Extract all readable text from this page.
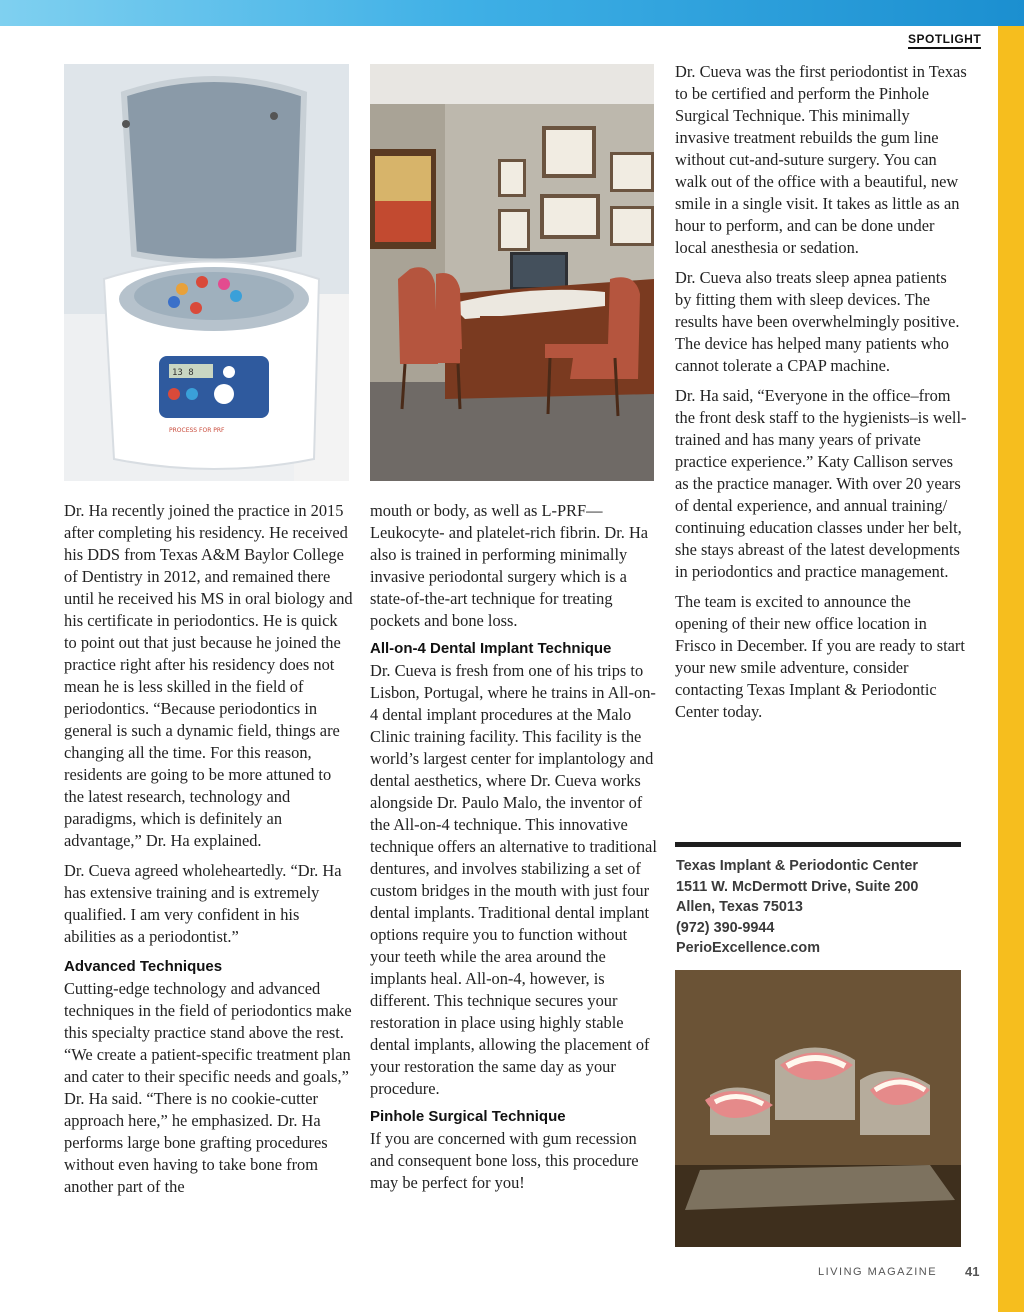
SPOTLIGHT
13 8
PROCESS FOR PRF

Dr. Ha recently joined the practice in 2015 after completing his residency. He received his DDS from Texas A&M Baylor College of Dentistry in 2012, and remained there until he received his MS in oral biology and his certificate in periodontics. He is quick to point out that just because he joined the practice right after his residency does not mean he is less skilled in the field of periodontics. “Because periodontics in general is such a dynamic field, things are changing all the time. For this reason, residents are going to be more attuned to the latest research, technology and paradigms, which is definitely an advantage,” Dr. Ha explained.

Dr. Cueva agreed wholeheartedly. “Dr. Ha has extensive training and is extremely qualified. I am very confident in his abilities as a periodontist.”

Advanced Techniques

Cutting-edge technology and advanced techniques in the field of periodontics make this specialty practice stand above the rest. “We create a patient-specific treatment plan and cater to their specific needs and goals,” Dr. Ha said. “There is no cookie-cutter approach here,” he emphasized. Dr. Ha performs large bone grafting procedures without even having to take bone from another part of the

mouth or body, as well as L-PRF—Leukocyte- and platelet-rich fibrin. Dr. Ha also is trained in performing minimally invasive periodontal surgery which is a state-of-the-art technique for treating pockets and bone loss.

All-on-4 Dental Implant Technique

Dr. Cueva is fresh from one of his trips to Lisbon, Portugal, where he trains in All-on-4 dental implant procedures at the Malo Clinic training facility. This facility is the world’s largest center for implantology and dental aesthetics, where Dr. Cueva works alongside Dr. Paulo Malo, the inventor of the All-on-4 technique. This innovative technique offers an alternative to traditional dentures, and involves stabilizing a set of custom bridges in the mouth with just four dental implants. Traditional dental implant options require you to function without your teeth while the area around the implants heal. All-on-4, however, is different. This technique secures your restoration in place using highly stable dental implants, allowing the placement of your restoration the same day as your procedure.

Pinhole Surgical Technique

If you are concerned with gum recession and consequent bone loss, this procedure may be perfect for you!

Dr. Cueva was the first periodontist in Texas to be certified and perform the Pinhole Surgical Technique. This minimally invasive treatment rebuilds the gum line without cut-and-suture surgery. You can walk out of the office with a beautiful, new smile in a single visit. It takes as little as an hour to perform, and can be done under local anesthesia or sedation.

Dr. Cueva also treats sleep apnea patients by fitting them with sleep devices. The results have been overwhelmingly positive. The device has helped many patients who cannot tolerate a CPAP machine.

Dr. Ha said, “Everyone in the office–from the front desk staff to the hygienists–is well-trained and has many years of private practice experience.” Katy Callison serves as the practice manager. With over 20 years of dental experience, and annual training/ continuing education classes under her belt, she stays abreast of the latest developments in periodontics and practice management.

The team is excited to announce the opening of their new office location in Frisco in December. If you are ready to start your new smile adventure, consider contacting Texas Implant & Periodontic Center today.

Texas Implant & Periodontic Center
1511 W. McDermott Drive, Suite 200
Allen, Texas 75013
(972) 390-9944
PerioExcellence.com
LIVING MAGAZINE 41
